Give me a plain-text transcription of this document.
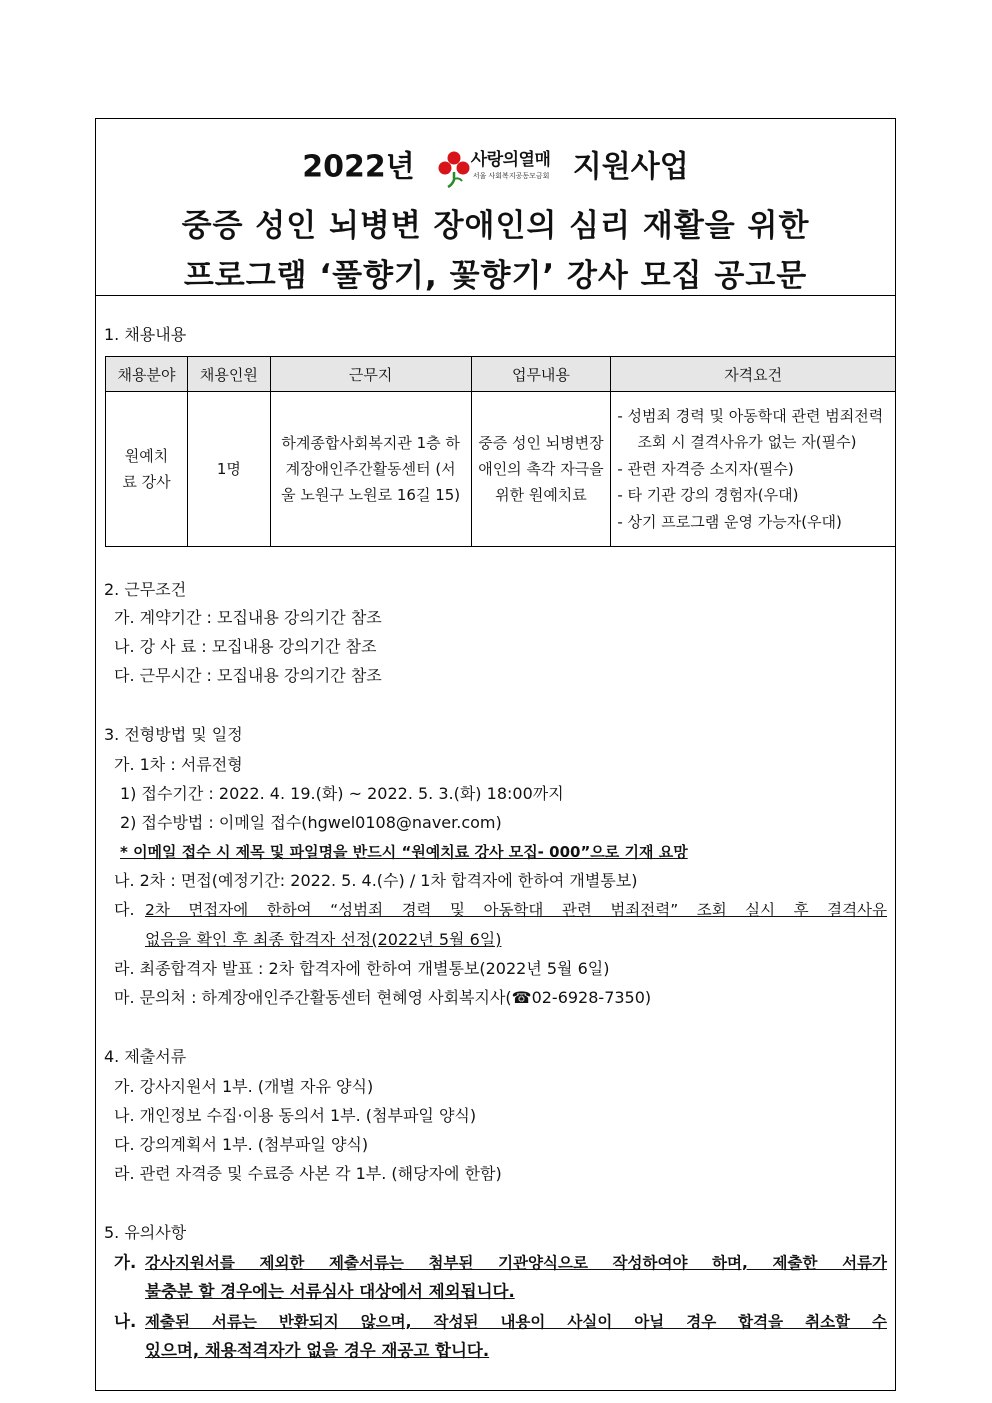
2022년	사랑의열매
서울 사회복지공동모금회 지원사업
중증 성인 뇌병변 장애인의 심리 재활을 위한
프로그램 ‘풀향기, 꽃향기’ 강사 모집 공고문
1. 채용내용
채용분야	채용인원	근무지	업무내용	자격요건
원예치료 강사	1명	하계종합사회복지관 1층 하계장애인주간활동센터 (서울 노원구 노원로 16길 15)	중증 성인 뇌병변장애인의 촉각 자극을 위한 원예치료	- 성범죄 경력 및 아동학대 관련 범죄전력 조회 시 결격사유가 없는 자(필수)
- 관련 자격증 소지자(필수)
- 타 기관 강의 경험자(우대)
- 상기 프로그램 운영 가능자(우대)
2. 근무조건
가. 계약기간 : 모집내용 강의기간 참조
나. 강 사 료 : 모집내용 강의기간 참조
다. 근무시간 : 모집내용 강의기간 참조
3. 전형방법 및 일정
가. 1차 : 서류전형
1) 접수기간 : 2022. 4. 19.(화) ~ 2022. 5. 3.(화) 18:00까지
2) 접수방법 : 이메일 접수(hgwel0108@naver.com)
* 이메일 접수 시 제목 및 파일명을 반드시 “원예치료 강사 모집- 000”으로 기재 요망
나. 2차 : 면접(예정기간: 2022. 5. 4.(수) / 1차 합격자에 한하여 개별통보)
다. 2차 면접자에 한하여 “성범죄 경력 및 아동학대 관련 범죄전력” 조회 실시 후 결격사유
없음을 확인 후 최종 합격자 선정(2022년 5월 6일)
라. 최종합격자 발표 : 2차 합격자에 한하여 개별통보(2022년 5월 6일)
마. 문의처 : 하계장애인주간활동센터 현혜영 사회복지사(☎02-6928-7350)
4. 제출서류
가. 강사지원서 1부. (개별 자유 양식)
나. 개인정보 수집·이용 동의서 1부. (첨부파일 양식)
다. 강의계획서 1부. (첨부파일 양식)
라. 관련 자격증 및 수료증 사본 각 1부. (해당자에 한함)
5. 유의사항
가. 강사지원서를 제외한 제출서류는 첨부된 기관양식으로 작성하여야 하며, 제출한 서류가
불충분 할 경우에는 서류심사 대상에서 제외됩니다.
나. 제출된 서류는 반환되지 않으며, 작성된 내용이 사실이 아닐 경우 합격을 취소할 수
있으며, 채용적격자가 없을 경우 재공고 합니다.
